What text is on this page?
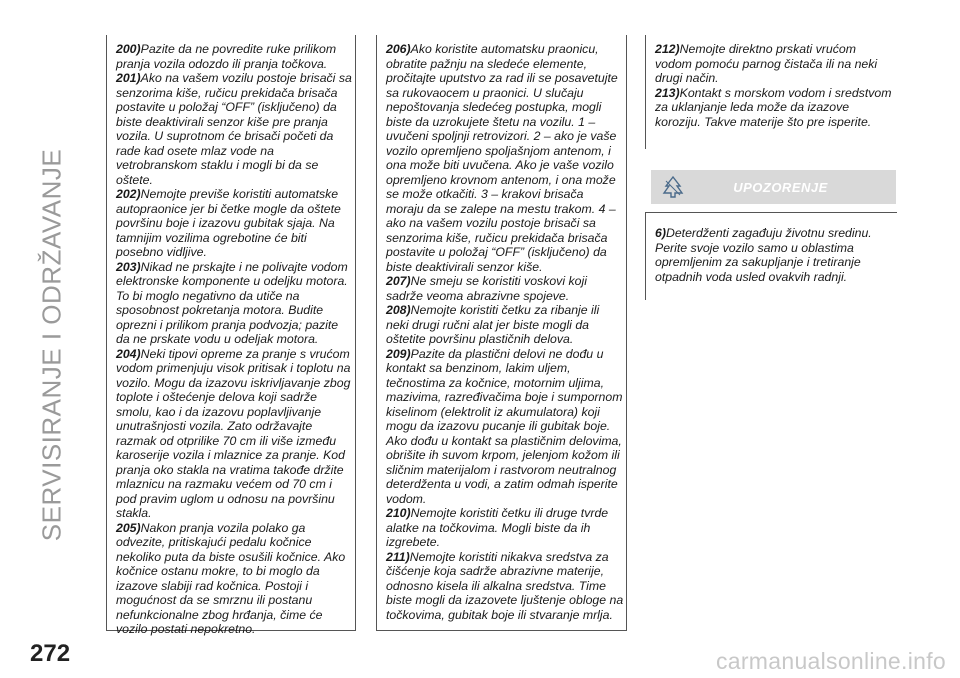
SERVISIRANJE I ODRŽAVANJE

200)Pazite da ne povredite ruke prilikom pranja vozila odozdo ili pranja točkova.

201)Ako na vašem vozilu postoje brisači sa senzorima kiše, ručicu prekidača brisača postavite u položaj “OFF” (isključeno) da biste deaktivirali senzor kiše pre pranja vozila. U suprotnom će brisači početi da rade kad osete mlaz vode na vetrobranskom staklu i mogli bi da se oštete.

202)Nemojte previše koristiti automatske autopraonice jer bi četke mogle da oštete površinu boje i izazovu gubitak sjaja. Na tamnijim vozilima ogrebotine će biti posebno vidljive.

203)Nikad ne prskajte i ne polivajte vodom elektronske komponente u odeljku motora. To bi moglo negativno da utiče na sposobnost pokretanja motora. Budite oprezni i prilikom pranja podvozja; pazite da ne prskate vodu u odeljak motora.

204)Neki tipovi opreme za pranje s vrućom vodom primenjuju visok pritisak i toplotu na vozilo. Mogu da izazovu iskrivljavanje zbog toplote i oštećenje delova koji sadrže smolu, kao i da izazovu poplavljivanje unutrašnjosti vozila. Zato održavajte razmak od otprilike 70 cm ili više između karoserije vozila i mlaznice za pranje. Kod pranja oko stakla na vratima takođe držite mlaznicu na razmaku većem od 70 cm i pod pravim uglom u odnosu na površinu stakla.

205)Nakon pranja vozila polako ga odvezite, pritiskajući pedalu kočnice nekoliko puta da biste osušili kočnice. Ako kočnice ostanu mokre, to bi moglo da izazove slabiji rad kočnica. Postoji i mogućnost da se smrznu ili postanu nefunkcionalne zbog hrđanja, čime će vozilo postati nepokretno.

206)Ako koristite automatsku praonicu, obratite pažnju na sledeće elemente, pročitajte uputstvo za rad ili se posavetujte sa rukovaocem u praonici. U slučaju nepoštovanja sledećeg postupka, mogli biste da uzrokujete štetu na vozilu. 1 – uvučeni spoljnji retrovizori. 2 – ako je vaše vozilo opremljeno spoljašnjom antenom, i ona može biti uvučena. Ako je vaše vozilo opremljeno krovnom antenom, i ona može se može otkačiti. 3 – krakovi brisača moraju da se zalepe na mestu trakom. 4 – ako na vašem vozilu postoje brisači sa senzorima kiše, ručicu prekidača brisača postavite u položaj “OFF” (isključeno) da biste deaktivirali senzor kiše.

207)Ne smeju se koristiti voskovi koji sadrže veoma abrazivne spojeve.

208)Nemojte koristiti četku za ribanje ili neki drugi ručni alat jer biste mogli da oštetite površinu plastičnih delova.

209)Pazite da plastični delovi ne dođu u kontakt sa benzinom, lakim uljem, tečnostima za kočnice, motornim uljima, mazivima, razređivačima boje i sumpornom kiselinom (elektrolit iz akumulatora) koji mogu da izazovu pucanje ili gubitak boje. Ako dođu u kontakt sa plastičnim delovima, obrišite ih suvom krpom, jelenjom kožom ili sličnim materijalom i rastvorom neutralnog deterdženta u vodi, a zatim odmah isperite vodom.

210)Nemojte koristiti četku ili druge tvrde alatke na točkovima. Mogli biste da ih izgrebete.

211)Nemojte koristiti nikakva sredstva za čišćenje koja sadrže abrazivne materije, odnosno kisela ili alkalna sredstva. Time biste mogli da izazovete ljuštenje obloge na točkovima, gubitak boje ili stvaranje mrlja.

212)Nemojte direktno prskati vrućom vodom pomoću parnog čistača ili na neki drugi način.

213)Kontakt s morskom vodom i sredstvom za uklanjanje leda može da izazove koroziju. Takve materije što pre isperite.

UPOZORENJE

6)Deterdženti zagađuju životnu sredinu. Perite svoje vozilo samo u oblastima opremljenim za sakupljanje i tretiranje otpadnih voda usled ovakvih radnji.

272	carmanualsonline.info
